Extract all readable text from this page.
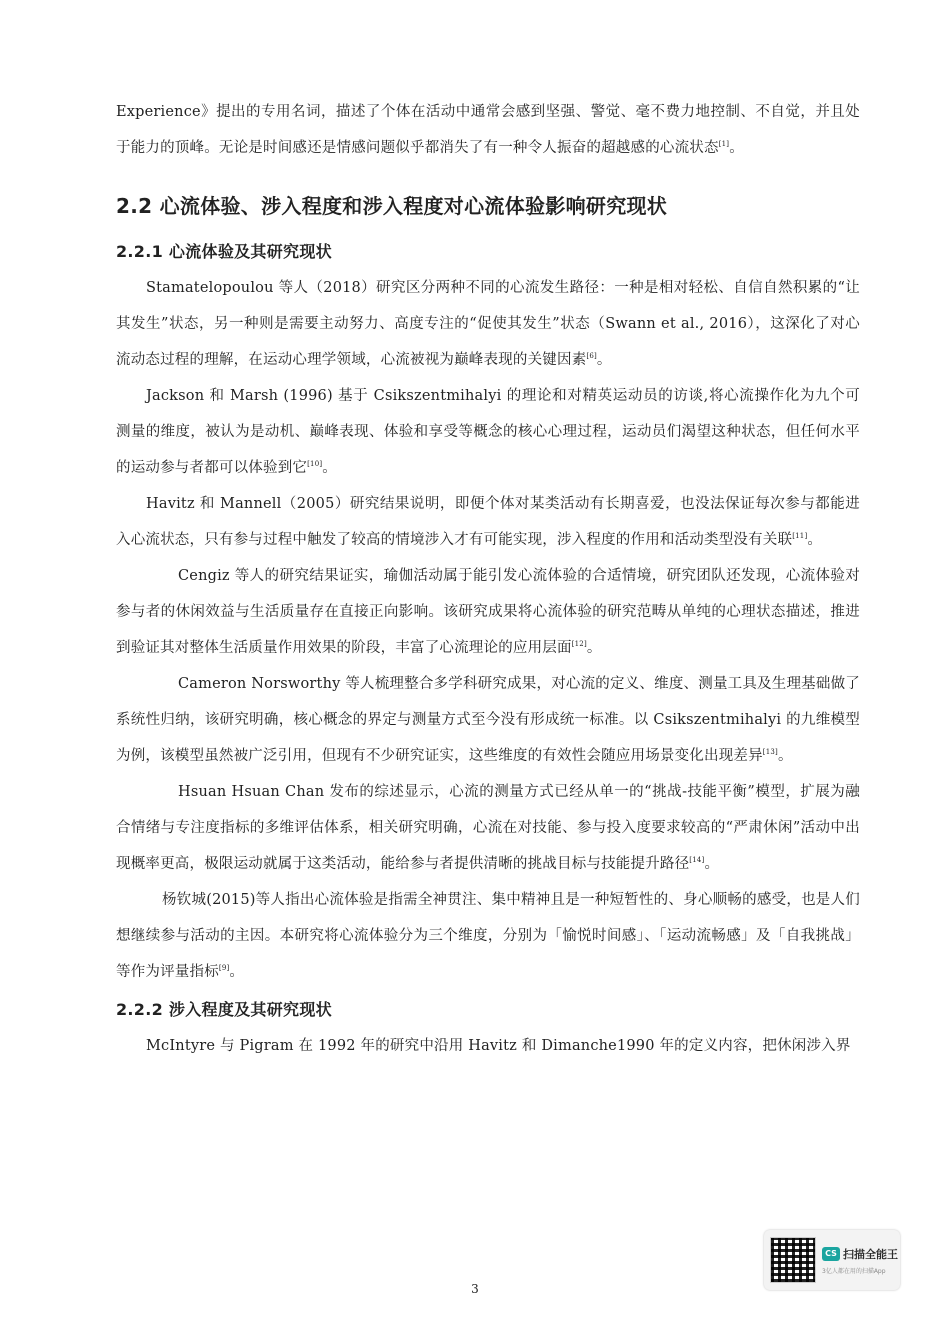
Experience》提出的专用名词，描述了个体在活动中通常会感到坚强、警觉、毫不费力地控制、不自觉，并且处于能力的顶峰。无论是时间感还是情感问题似乎都消失了有一种令人振奋的超越感的心流状态[1]。

2.2 心流体验、涉入程度和涉入程度对心流体验影响研究现状
2.2.1 心流体验及其研究现状

Stamatelopoulou 等人（2018）研究区分两种不同的心流发生路径：一种是相对轻松、自信自然积累的“让其发生”状态，另一种则是需要主动努力、高度专注的“促使其发生”状态（Swann et al., 2016），这深化了对心流动态过程的理解，在运动心理学领域，心流被视为巅峰表现的关键因素[6]。

Jackson 和 Marsh (1996) 基于 Csikszentmihalyi 的理论和对精英运动员的访谈,将心流操作化为九个可测量的维度，被认为是动机、巅峰表现、体验和享受等概念的核心心理过程，运动员们渴望这种状态，但任何水平的运动参与者都可以体验到它[10]。

Havitz 和 Mannell（2005）研究结果说明，即便个体对某类活动有长期喜爱，也没法保证每次参与都能进入心流状态，只有参与过程中触发了较高的情境涉入才有可能实现，涉入程度的作用和活动类型没有关联[11]。

Cengiz 等人的研究结果证实，瑜伽活动属于能引发心流体验的合适情境，研究团队还发现，心流体验对参与者的休闲效益与生活质量存在直接正向影响。该研究成果将心流体验的研究范畴从单纯的心理状态描述，推进到验证其对整体生活质量作用效果的阶段，丰富了心流理论的应用层面[12]。

Cameron Norsworthy 等人梳理整合多学科研究成果，对心流的定义、维度、测量工具及生理基础做了系统性归纳，该研究明确，核心概念的界定与测量方式至今没有形成统一标准。以 Csikszentmihalyi 的九维模型为例，该模型虽然被广泛引用，但现有不少研究证实，这些维度的有效性会随应用场景变化出现差异[13]。

Hsuan Hsuan Chan 发布的综述显示，心流的测量方式已经从单一的“挑战-技能平衡”模型，扩展为融合情绪与专注度指标的多维评估体系，相关研究明确，心流在对技能、参与投入度要求较高的“严肃休闲”活动中出现概率更高，极限运动就属于这类活动，能给参与者提供清晰的挑战目标与技能提升路径[14]。

杨钦城(2015)等人指出心流体验是指需全神贯注、集中精神且是一种短暂性的、身心顺畅的感受，也是人们想继续参与活动的主因。本研究将心流体验分为三个维度，分别为「愉悦时间感」、「运动流畅感」及「自我挑战」等作为评量指标[9]。

2.2.2 涉入程度及其研究现状

McIntyre 与 Pigram 在 1992 年的研究中沿用 Havitz 和 Dimanche1990 年的定义内容，把休闲涉入界

3
CS 扫描全能王
3亿人都在用的扫描App
